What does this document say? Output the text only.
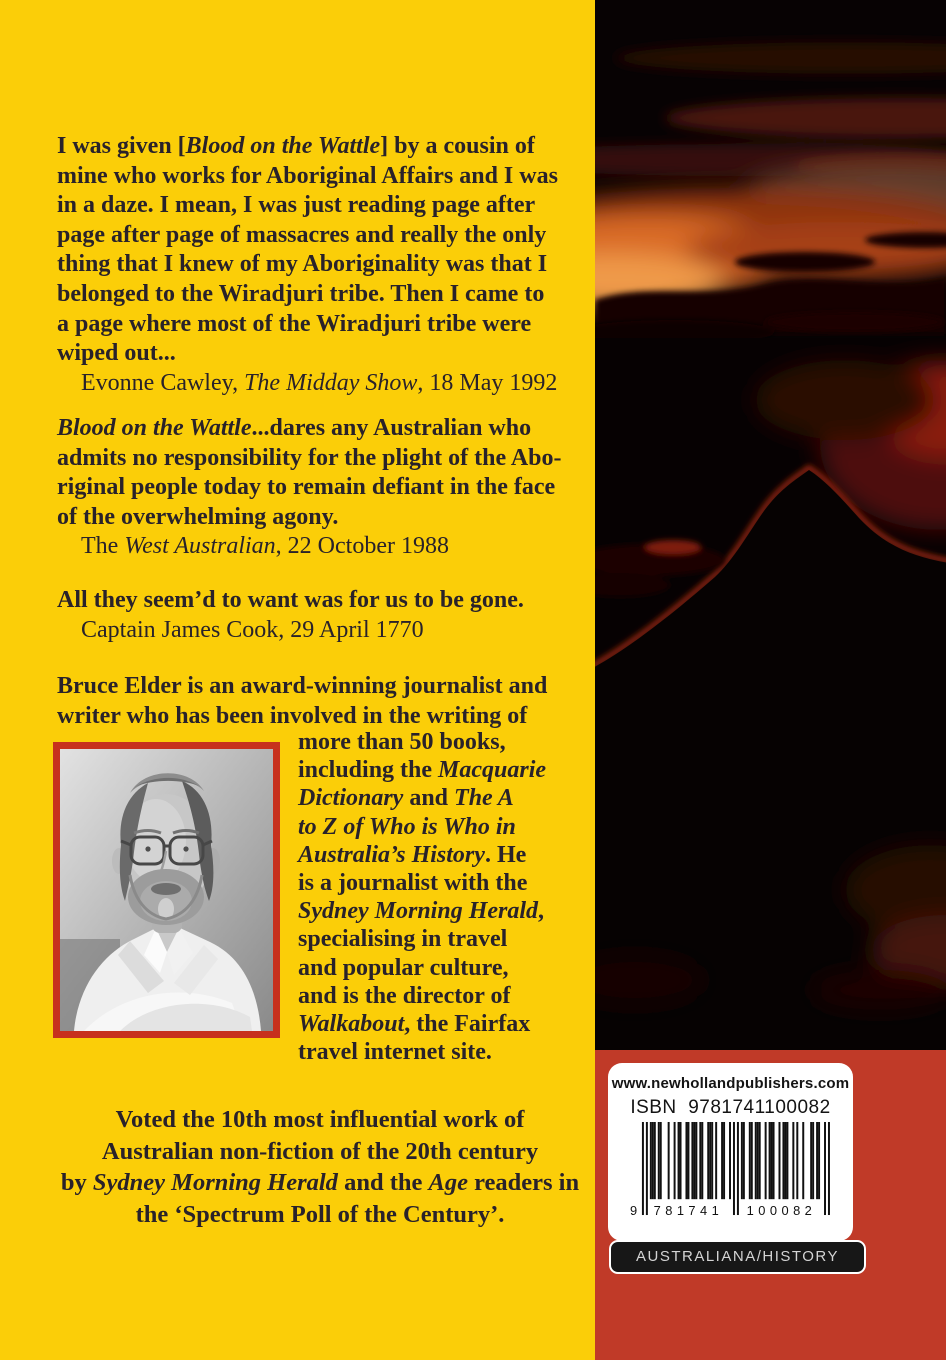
I was given [Blood on the Wattle] by a cousin of
mine who works for Aboriginal Affairs and I was
in a daze. I mean, I was just reading page after
page after page of massacres and really the only
thing that I knew of my Aboriginality was that I
belonged to the Wiradjuri tribe. Then I came to
a page where most of the Wiradjuri tribe were
wiped out...
Evonne Cawley, The Midday Show, 18 May 1992
Blood on the Wattle...dares any Australian who
admits no responsibility for the plight of the Abo-
riginal people today to remain defiant in the face
of the overwhelming agony.
The West Australian, 22 October 1988
All they seem’d to want was for us to be gone.
Captain James Cook, 29 April 1770
Bruce Elder is an award-winning journalist and
writer who has been involved in the writing of
more than 50 books,
including the Macquarie
Dictionary and The A
to Z of Who is Who in
Australia’s History. He
is a journalist with the
Sydney Morning Herald,
specialising in travel
and popular culture,
and is the director of
Walkabout, the Fairfax
travel internet site.
Voted the 10th most influential work of
Australian non-fiction of the 20th century
by Sydney Morning Herald and the Age readers in
the ‘Spectrum Poll of the Century’.
www.newhollandpublishers.com
ISBN  9781741100082
9 781741 100082
AUSTRALIANA/HISTORY
